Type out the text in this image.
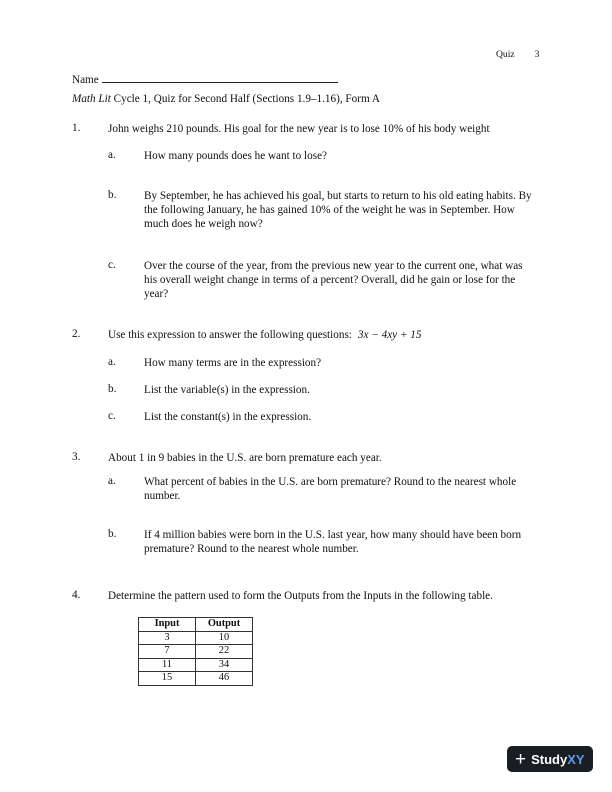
Quiz 3
Name
Math Lit Cycle 1, Quiz for Second Half (Sections 1.9–1.16), Form A
1. John weighs 210 pounds. His goal for the new year is to lose 10% of his body weight
a.	How many pounds does he want to lose?
b. By September, he has achieved his goal, but starts to return to his old eating habits. By the following January, he has gained 10% of the weight he was in September. How much does he weigh now?
c.	Over the course of the year, from the previous new year to the current one, what was his overall weight change in terms of a percent? Overall, did he gain or lose for the year?
2. Use this expression to answer the following questions: 3x − 4xy + 15
a.	How many terms are in the expression?
b. List the variable(s) in the expression.
c.	List the constant(s) in the expression.
3. About 1 in 9 babies in the U.S. are born premature each year.
a.	What percent of babies in the U.S. are born premature? Round to the nearest whole number.
b. If 4 million babies were born in the U.S. last year, how many should have been born premature? Round to the nearest whole number.
4. Determine the pattern used to form the Outputs from the Inputs in the following table.
Input	Output
3	10
7	22
11	34
15	46
+ Study XY
